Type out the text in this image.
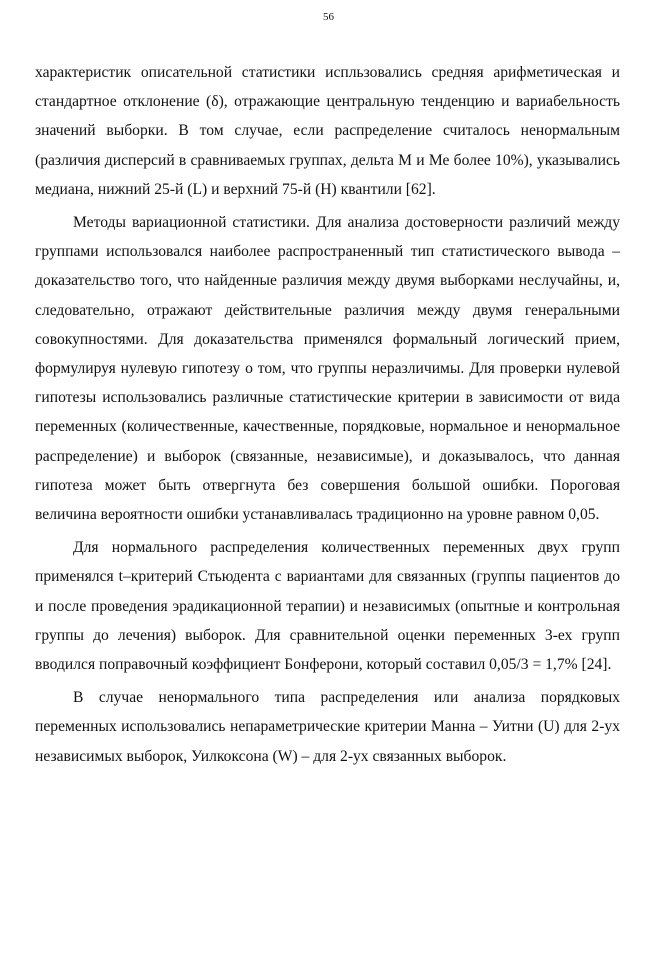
56

характеристик описательной статистики испльзовались средняя арифметическая и стандартное отклонение (δ), отражающие центральную тенденцию и вариабельность значений выборки. В том случае, если распределение считалось ненормальным (различия дисперсий в сравниваемых группах, дельта М и Ме более 10%), указывались медиана, нижний 25-й (L) и верхний 75-й (H) квантили [62].

Методы вариационной статистики. Для анализа достоверности различий между группами использовался наиболее распространенный тип статистического вывода – доказательство того, что найденные различия между двумя выборками неслучайны, и, следовательно, отражают действительные различия между двумя генеральными совокупностями. Для доказательства применялся формальный логический прием, формулируя нулевую гипотезу о том, что группы неразличимы. Для проверки нулевой гипотезы использовались различные статистические критерии в зависимости от вида переменных (количественные, качественные, порядковые, нормальное и ненормальное распределение) и выборок (связанные, независимые), и доказывалось, что данная гипотеза может быть отвергнута без совершения большой ошибки. Пороговая величина вероятности ошибки устанавливалась традиционно на уровне равном 0,05.

Для нормального распределения количественных переменных двух групп применялся t–критерий Стьюдента с вариантами для связанных (группы пациентов до и после проведения эрадикационной терапии) и независимых (опытные и контрольная группы до лечения) выборок. Для сравнительной оценки переменных 3-ех групп вводился поправочный коэффициент Бонферони, который составил 0,05/3 = 1,7% [24].

В случае ненормального типа распределения или анализа порядковых переменных использовались непараметрические критерии Манна – Уитни (U) для 2-ух независимых выборок, Уилкоксона (W) – для 2-ух связанных выборок.
